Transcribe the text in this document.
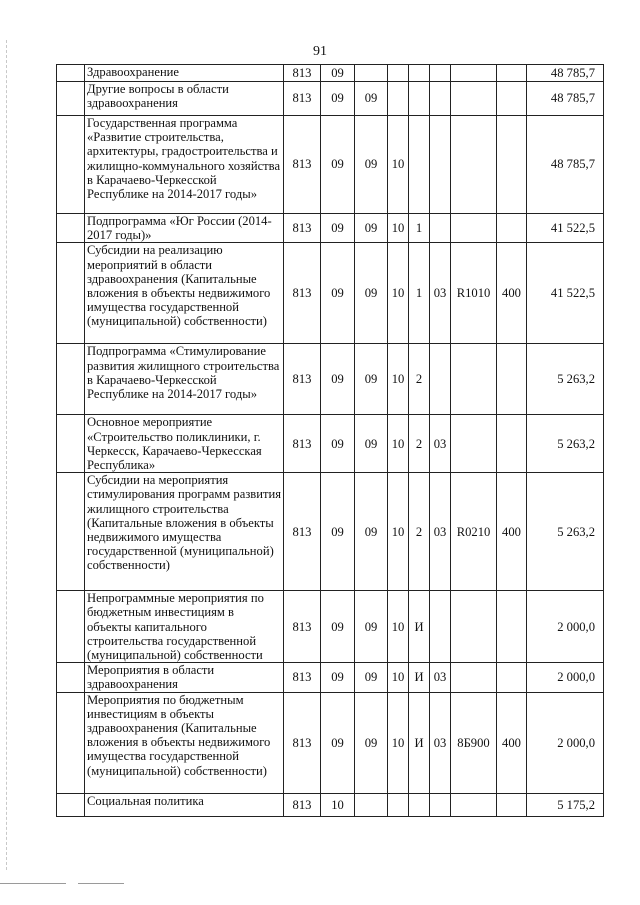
91
	Здравоохранение	813	09							48 785,7
	Другие вопросы в области здравоохранения	813	09	09						48 785,7
	Государственная программа «Развитие строительства, архитектуры, градостроительства и жилищно-коммунального хозяйства в Карачаево-Черкесской Республике на 2014-2017 годы»	813	09	09	10					48 785,7
	Подпрограмма «Юг России (2014-2017 годы)»	813	09	09	10	1				41 522,5
	Субсидии на реализацию мероприятий в области здравоохранения (Капитальные вложения в объекты недвижимого имущества государственной (муниципальной) собственности)	813	09	09	10	1	03	R1010	400	41 522,5
	Подпрограмма «Стимулирование развития жилищного строительства в Карачаево-Черкесской Республике на 2014-2017 годы»	813	09	09	10	2				5 263,2
	Основное мероприятие «Строительство поликлиники, г. Черкесск, Карачаево-Черкесская Республика»	813	09	09	10	2	03			5 263,2
	Субсидии на мероприятия стимулирования программ развития жилищного строительства (Капитальные вложения в объекты недвижимого имущества государственной (муниципальной) собственности)	813	09	09	10	2	03	R0210	400	5 263,2
	Непрограммные мероприятия по бюджетным инвестициям в объекты капитального строительства государственной (муниципальной) собственности	813	09	09	10	И				2 000,0
	Мероприятия в области здравоохранения	813	09	09	10	И	03			2 000,0
	Мероприятия по бюджетным инвестициям в объекты здравоохранения (Капитальные вложения в объекты недвижимого имущества государственной (муниципальной) собственности)	813	09	09	10	И	03	8Б900	400	2 000,0
	Социальная политика	813	10							5 175,2
